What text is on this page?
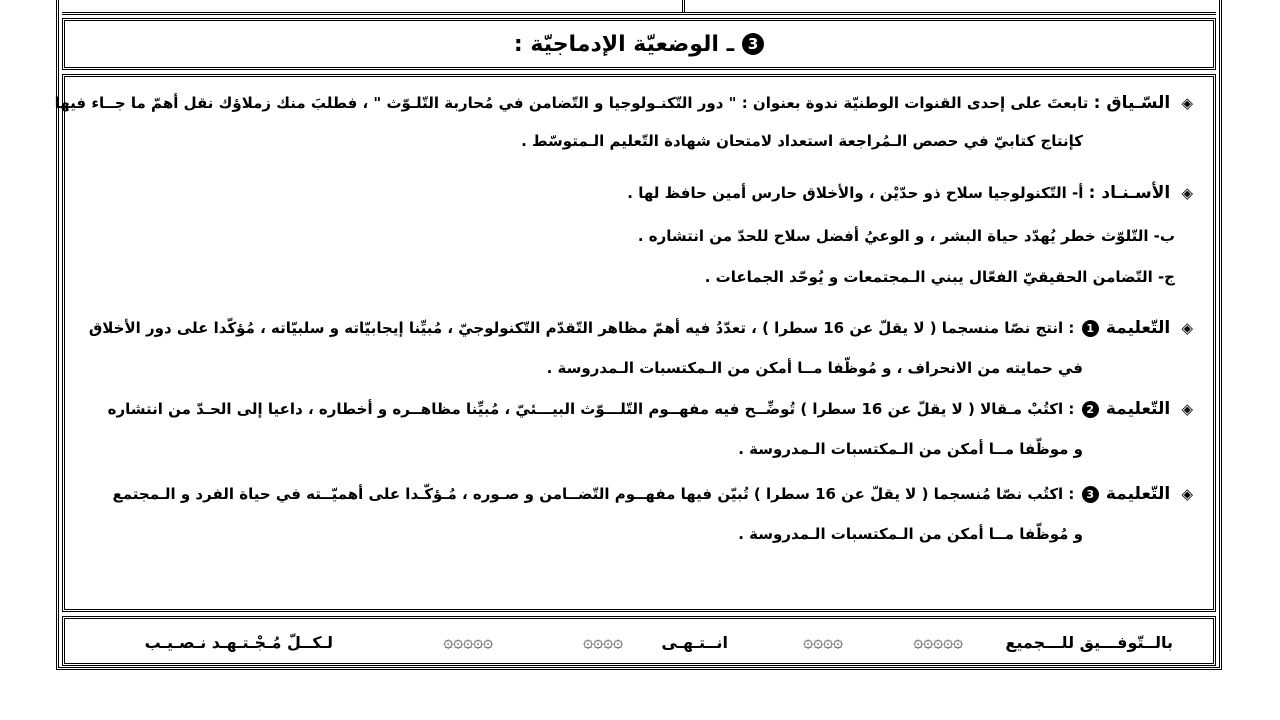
3
ـ الوضعيّة الإدماجيّة :
◈ السّـياق : تابعتَ على إحدى القنوات الوطنيّة ندوة بعنوان : " دور التّكنـولوجيا و التّضامن في مُحاربة التّلـوّث " ، فطلبَ منك زملاؤك نقل أهمّ ما جــاء فيها
كإنتاج كتابيّ في حصص الـمُراجعة استعداد لامتحان شهادة التّعليم الـمتوسّط .
◈ الأسـنـاد : أ- التّكنولوجيا سلاح ذو حدّيْن ، والأخلاق حارس أمين حافظ لها .
ب- التّلوّث خطر يُهدّد حياة البشر ، و الوعيُ أفضل سلاح للحدّ من انتشاره .
ج- التّضامن الحقيقيّ الفعّال يبني الـمجتمعات و يُوحّد الجماعات .
◈ التّعليمة 1 : انتج نصّا منسجما ( لا يقلّ عن 16 سطرا ) ، تعدّدُ فيه أهمّ مظاهر التّقدّم التّكنولوجيّ ، مُبيِّنا إيجابيّاته و سلبيّاته ، مُؤكّدا على دور الأخلاق
في حمايته من الانحراف ، و مُوظّفا مــا أمكن من الـمكتسبات الـمدروسة .
◈ التّعليمة 2 : اكتُبْ مـقالا ( لا يقلّ عن 16 سطرا ) تُوضِّــح فيه مفهــوم التّلـــوّث البيـــئيّ ، مُبيِّنا مظاهــره و أخطاره ، داعيا إلى الحـدّ من انتشاره
و موظّفا مــا أمكن من الـمكتسبات الـمدروسة .
◈ التّعليمة 3 : اكتُب نصّا مُنسجما ( لا يقلّ عن 16 سطرا ) تُبيّن فيها مفهــوم التّضــامن و صـوره ، مُـؤكّـدا على أهميّــته في حياة الفرد و الـمجتمع
و مُوظّفا مــا أمكن من الـمكتسبات الـمدروسة .
بالــتّوفـــيق للـــجميع
۞۞۞۞۞
۞۞۞۞
انــتـهـى
۞۞۞۞
۞۞۞۞۞
لـكــلّ مُـجْـتـهـد نـصـيـب
